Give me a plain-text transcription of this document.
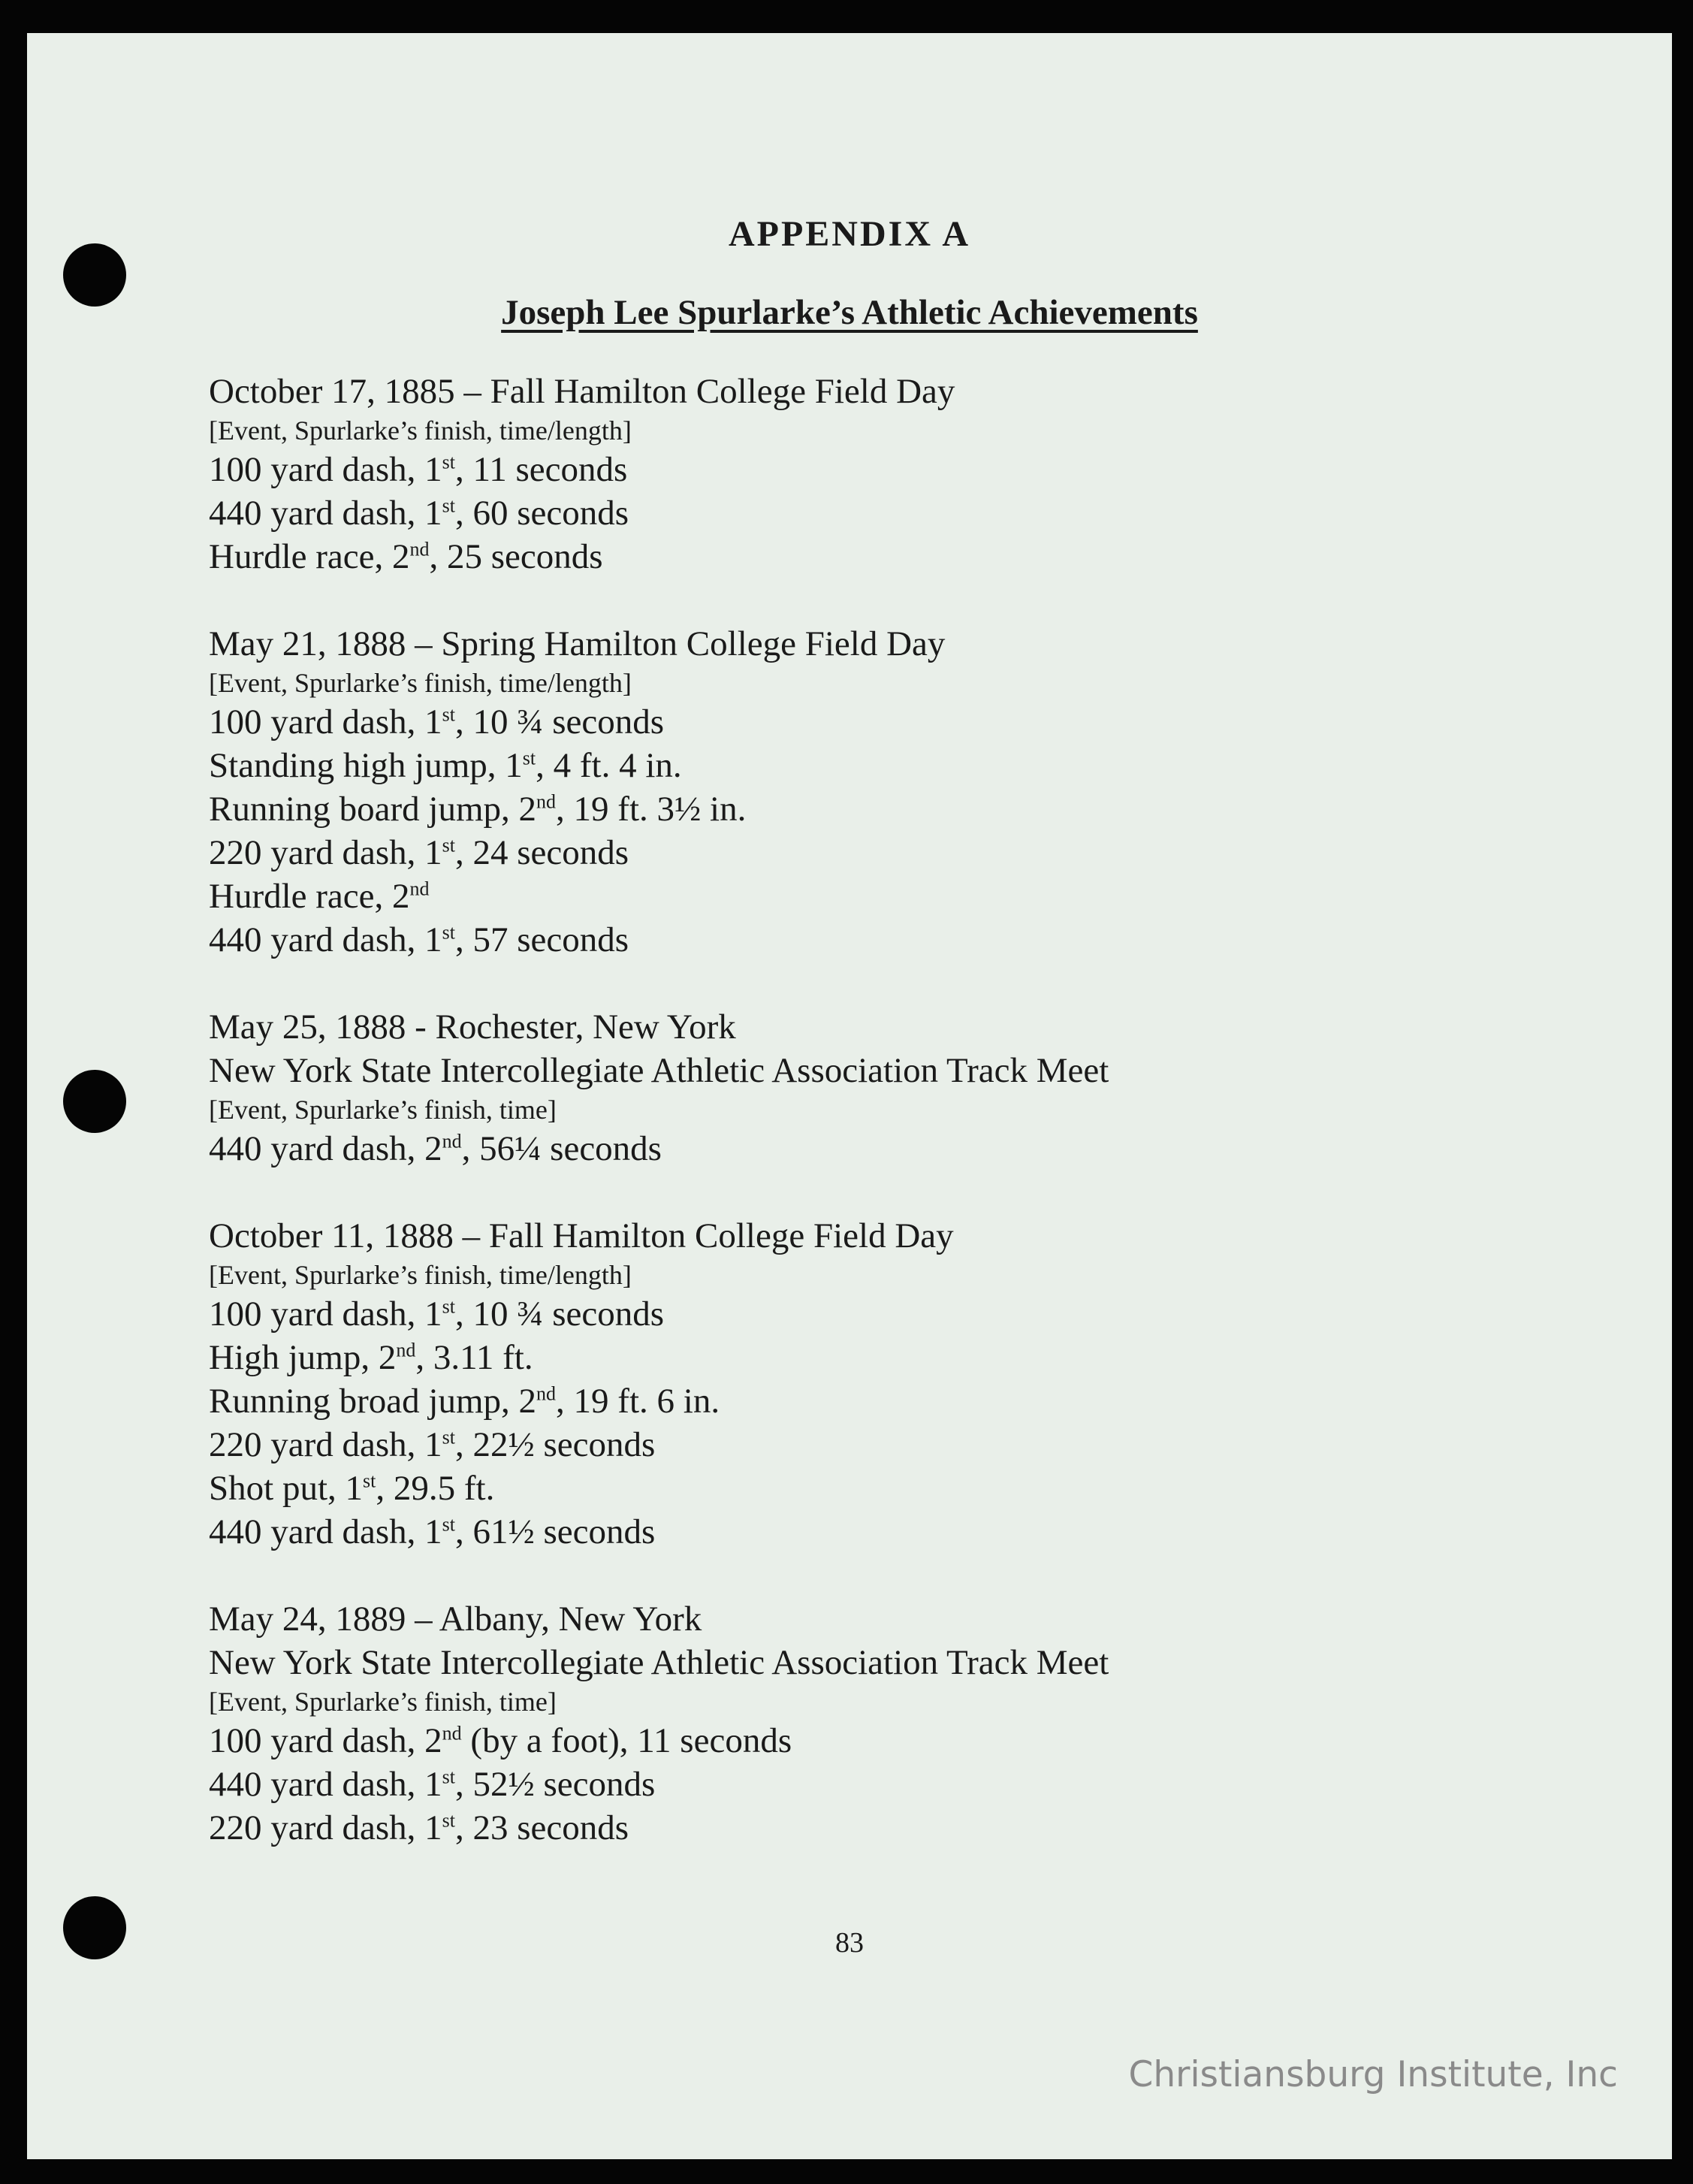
APPENDIX A
Joseph Lee Spurlarke’s Athletic Achievements
October 17, 1885 – Fall Hamilton College Field Day
[Event, Spurlarke’s finish, time/length]
100 yard dash, 1st, 11 seconds
440 yard dash, 1st, 60 seconds
Hurdle race, 2nd, 25 seconds
May 21, 1888 – Spring Hamilton College Field Day
[Event, Spurlarke’s finish, time/length]
100 yard dash, 1st, 10 ¾ seconds
Standing high jump, 1st, 4 ft. 4 in.
Running board jump, 2nd, 19 ft. 3½ in.
220 yard dash, 1st, 24 seconds
Hurdle race, 2nd
440 yard dash, 1st, 57 seconds
May 25, 1888 - Rochester, New York
New York State Intercollegiate Athletic Association Track Meet
[Event, Spurlarke’s finish, time]
440 yard dash, 2nd, 56¼ seconds
October 11, 1888 – Fall Hamilton College Field Day
[Event, Spurlarke’s finish, time/length]
100 yard dash, 1st, 10 ¾ seconds
High jump, 2nd, 3.11 ft.
Running broad jump, 2nd, 19 ft. 6 in.
220 yard dash, 1st, 22½ seconds
Shot put, 1st, 29.5 ft.
440 yard dash, 1st, 61½ seconds
May 24, 1889 – Albany, New York
New York State Intercollegiate Athletic Association Track Meet
[Event, Spurlarke’s finish, time]
100 yard dash, 2nd (by a foot), 11 seconds
440 yard dash, 1st, 52½ seconds
220 yard dash, 1st, 23 seconds
83
Christiansburg Institute, Inc
